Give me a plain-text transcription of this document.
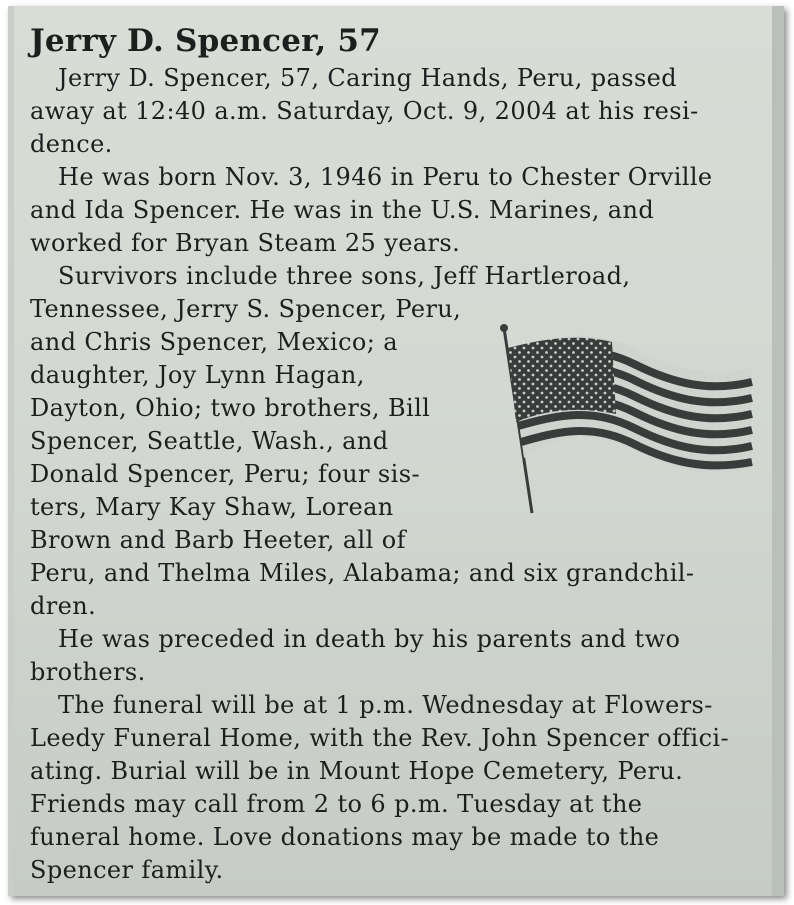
Jerry D. Spencer, 57

Jerry D. Spencer, 57, Caring Hands, Peru, passed
away at 12:40 a.m. Saturday, Oct. 9, 2004 at his resi-
dence.

He was born Nov. 3, 1946 in Peru to Chester Orville
and Ida Spencer. He was in the U.S. Marines, and
worked for Bryan Steam 25 years.

Survivors include three sons, Jeff Hartleroad,
Tennessee, Jerry S. Spencer, Peru,
and Chris Spencer, Mexico; a
daughter, Joy Lynn Hagan,
Dayton, Ohio; two brothers, Bill
Spencer, Seattle, Wash., and
Donald Spencer, Peru; four sis-
ters, Mary Kay Shaw, Lorean
Brown and Barb Heeter, all of
Peru, and Thelma Miles, Alabama; and six grandchil-
dren.

He was preceded in death by his parents and two
brothers.

The funeral will be at 1 p.m. Wednesday at Flowers-
Leedy Funeral Home, with the Rev. John Spencer offici-
ating. Burial will be in Mount Hope Cemetery, Peru.
Friends may call from 2 to 6 p.m. Tuesday at the
funeral home. Love donations may be made to the
Spencer family.
